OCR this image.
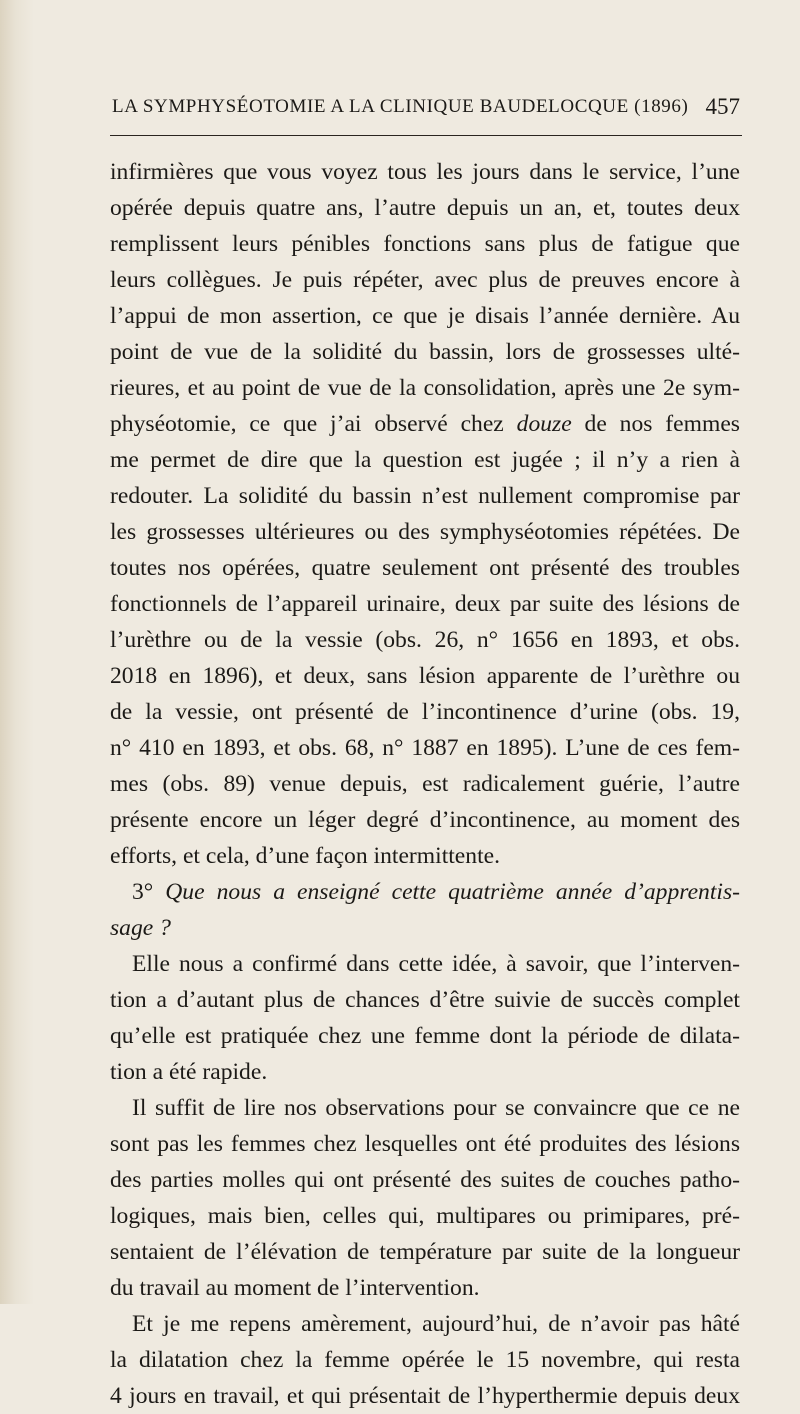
LA SYMPHYSÉOTOMIE A LA CLINIQUE BAUDELOCQUE (1896) 457
infirmières que vous voyez tous les jours dans le service, l’une
opérée depuis quatre ans, l’autre depuis un an, et, toutes deux
remplissent leurs pénibles fonctions sans plus de fatigue que
leurs collègues. Je puis répéter, avec plus de preuves encore à
l’appui de mon assertion, ce que je disais l’année dernière. Au
point de vue de la solidité du bassin, lors de grossesses ulté-
rieures, et au point de vue de la consolidation, après une 2e sym-
physéotomie, ce que j’ai observé chez douze de nos femmes
me permet de dire que la question est jugée ; il n’y a rien à
redouter. La solidité du bassin n’est nullement compromise par
les grossesses ultérieures ou des symphyséotomies répétées. De
toutes nos opérées, quatre seulement ont présenté des troubles
fonctionnels de l’appareil urinaire, deux par suite des lésions de
l’urèthre ou de la vessie (obs. 26, n° 1656 en 1893, et obs.
2018 en 1896), et deux, sans lésion apparente de l’urèthre ou
de la vessie, ont présenté de l’incontinence d’urine (obs. 19,
n° 410 en 1893, et obs. 68, n° 1887 en 1895). L’une de ces fem-
mes (obs. 89) venue depuis, est radicalement guérie, l’autre
présente encore un léger degré d’incontinence, au moment des
efforts, et cela, d’une façon intermittente.
3° Que nous a enseigné cette quatrième année d’apprentis-
sage ?
Elle nous a confirmé dans cette idée, à savoir, que l’interven-
tion a d’autant plus de chances d’être suivie de succès complet
qu’elle est pratiquée chez une femme dont la période de dilata-
tion a été rapide.
Il suffit de lire nos observations pour se convaincre que ce ne
sont pas les femmes chez lesquelles ont été produites des lésions
des parties molles qui ont présenté des suites de couches patho-
logiques, mais bien, celles qui, multipares ou primipares, pré-
sentaient de l’élévation de température par suite de la longueur
du travail au moment de l’intervention.
Et je me repens amèrement, aujourd’hui, de n’avoir pas hâté
la dilatation chez la femme opérée le 15 novembre, qui resta
4 jours en travail, et qui présentait de l’hyperthermie depuis deux
